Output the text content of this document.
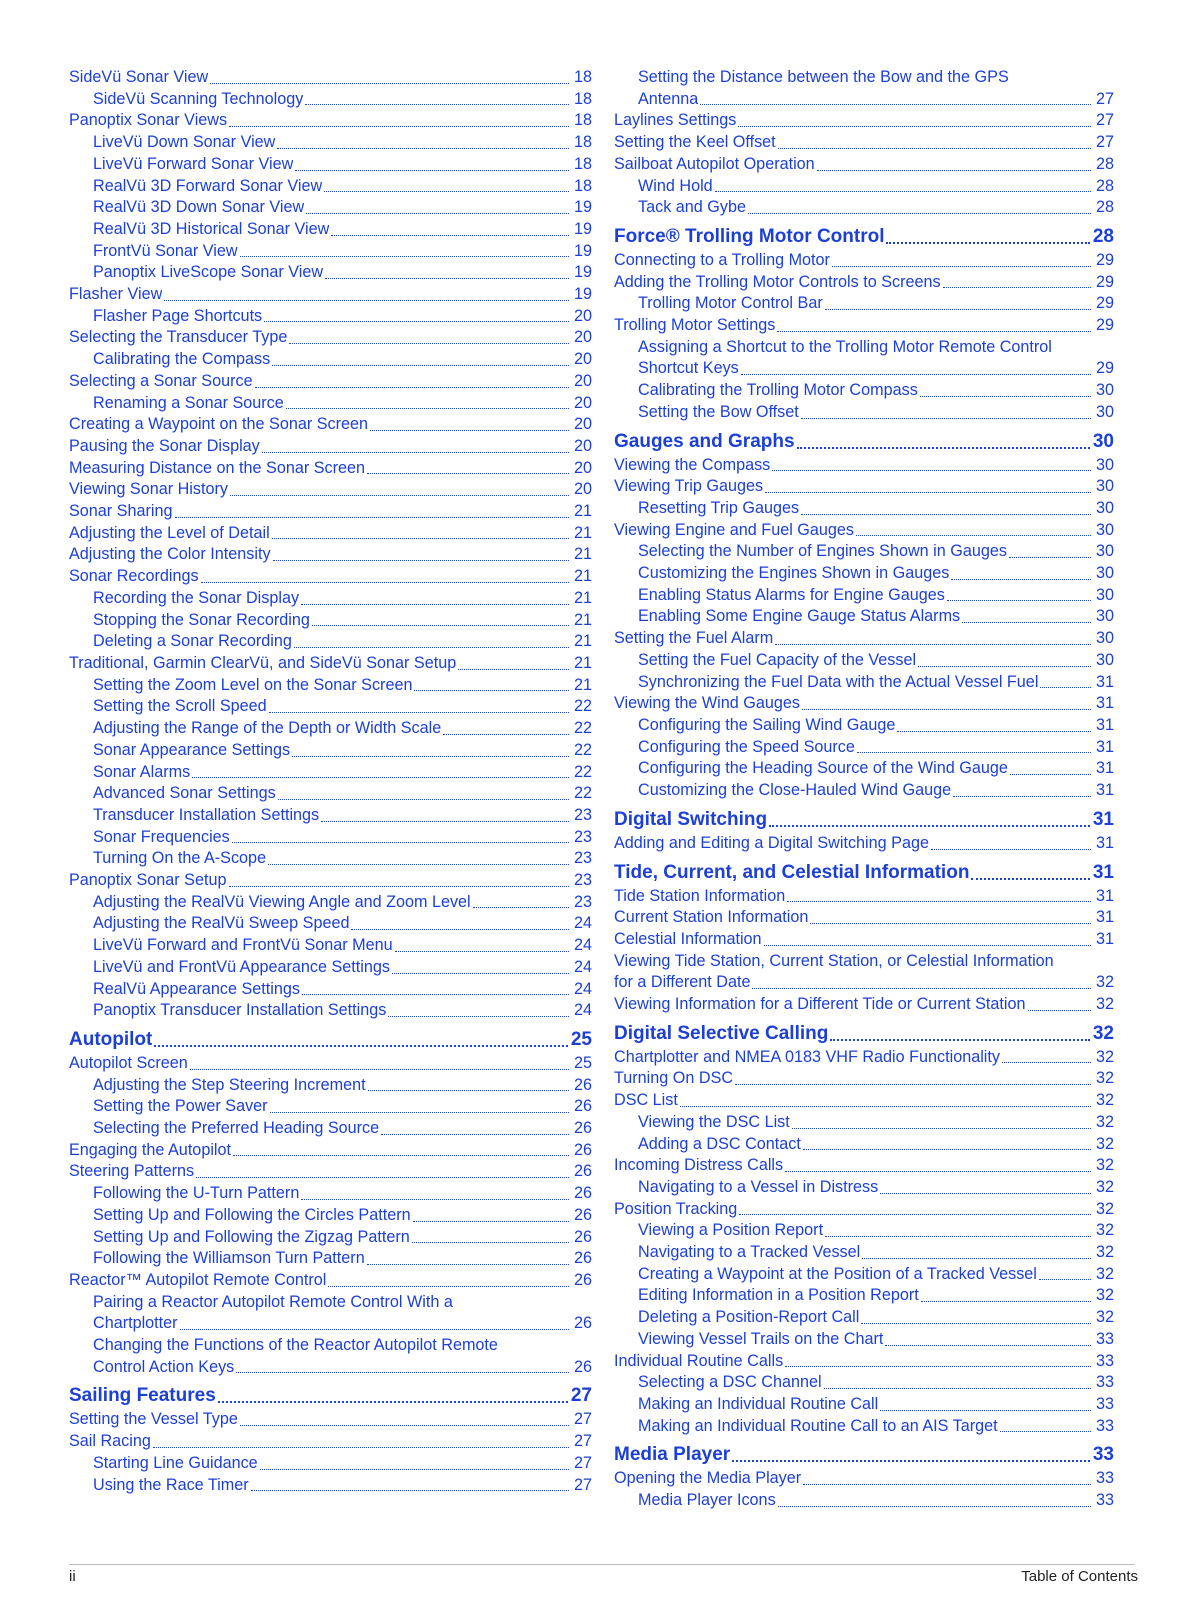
SideVü Sonar View	18
SideVü Scanning Technology	18
Panoptix Sonar Views	18
LiveVü Down Sonar View	18
LiveVü Forward Sonar View	18
RealVü 3D Forward Sonar View	18
RealVü 3D Down Sonar View	19
RealVü 3D Historical Sonar View	19
FrontVü Sonar View	19
Panoptix LiveScope Sonar View	19
Flasher View	19
Flasher Page Shortcuts	20
Selecting the Transducer Type	20
Calibrating the Compass	20
Selecting a Sonar Source	20
Renaming a Sonar Source	20
Creating a Waypoint on the Sonar Screen	20
Pausing the Sonar Display	20
Measuring Distance on the Sonar Screen	20
Viewing Sonar History	20
Sonar Sharing	21
Adjusting the Level of Detail	21
Adjusting the Color Intensity	21
Sonar Recordings	21
Recording the Sonar Display	21
Stopping the Sonar Recording	21
Deleting a Sonar Recording	21
Traditional, Garmin ClearVü, and SideVü Sonar Setup	21
Setting the Zoom Level on the Sonar Screen	21
Setting the Scroll Speed	22
Adjusting the Range of the Depth or Width Scale	22
Sonar Appearance Settings	22
Sonar Alarms	22
Advanced Sonar Settings	22
Transducer Installation Settings	23
Sonar Frequencies	23
Turning On the A-Scope	23
Panoptix Sonar Setup	23
Adjusting the RealVü Viewing Angle and Zoom Level	23
Adjusting the RealVü Sweep Speed	24
LiveVü Forward and FrontVü Sonar Menu	24
LiveVü and FrontVü Appearance Settings	24
RealVü Appearance Settings	24
Panoptix Transducer Installation Settings	24
Autopilot	25
Autopilot Screen	25
Adjusting the Step Steering Increment	26
Setting the Power Saver	26
Selecting the Preferred Heading Source	26
Engaging the Autopilot	26
Steering Patterns	26
Following the U-Turn Pattern	26
Setting Up and Following the Circles Pattern	26
Setting Up and Following the Zigzag Pattern	26
Following the Williamson Turn Pattern	26
Reactor™ Autopilot Remote Control	26
Pairing a Reactor Autopilot Remote Control With a
Chartplotter	26
Changing the Functions of the Reactor Autopilot Remote
Control Action Keys	26
Sailing Features	27
Setting the Vessel Type	27
Sail Racing	27
Starting Line Guidance	27
Using the Race Timer	27
Setting the Distance between the Bow and the GPS
Antenna	27
Laylines Settings	27
Setting the Keel Offset	27
Sailboat Autopilot Operation	28
Wind Hold	28
Tack and Gybe	28
Force® Trolling Motor Control	28
Connecting to a Trolling Motor	29
Adding the Trolling Motor Controls to Screens	29
Trolling Motor Control Bar	29
Trolling Motor Settings	29
Assigning a Shortcut to the Trolling Motor Remote Control
Shortcut Keys	29
Calibrating the Trolling Motor Compass	30
Setting the Bow Offset	30
Gauges and Graphs	30
Viewing the Compass	30
Viewing Trip Gauges	30
Resetting Trip Gauges	30
Viewing Engine and Fuel Gauges	30
Selecting the Number of Engines Shown in Gauges	30
Customizing the Engines Shown in Gauges	30
Enabling Status Alarms for Engine Gauges	30
Enabling Some Engine Gauge Status Alarms	30
Setting the Fuel Alarm	30
Setting the Fuel Capacity of the Vessel	30
Synchronizing the Fuel Data with the Actual Vessel Fuel	31
Viewing the Wind Gauges	31
Configuring the Sailing Wind Gauge	31
Configuring the Speed Source	31
Configuring the Heading Source of the Wind Gauge	31
Customizing the Close-Hauled Wind Gauge	31
Digital Switching	31
Adding and Editing a Digital Switching Page	31
Tide, Current, and Celestial Information	31
Tide Station Information	31
Current Station Information	31
Celestial Information	31
Viewing Tide Station, Current Station, or Celestial Information
for a Different Date	32
Viewing Information for a Different Tide or Current Station	32
Digital Selective Calling	32
Chartplotter and NMEA 0183 VHF Radio Functionality	32
Turning On DSC	32
DSC List	32
Viewing the DSC List	32
Adding a DSC Contact	32
Incoming Distress Calls	32
Navigating to a Vessel in Distress	32
Position Tracking	32
Viewing a Position Report	32
Navigating to a Tracked Vessel	32
Creating a Waypoint at the Position of a Tracked Vessel	32
Editing Information in a Position Report	32
Deleting a Position-Report Call	32
Viewing Vessel Trails on the Chart	33
Individual Routine Calls	33
Selecting a DSC Channel	33
Making an Individual Routine Call	33
Making an Individual Routine Call to an AIS Target	33
Media Player	33
Opening the Media Player	33
Media Player Icons	33
ii	Table of Contents
